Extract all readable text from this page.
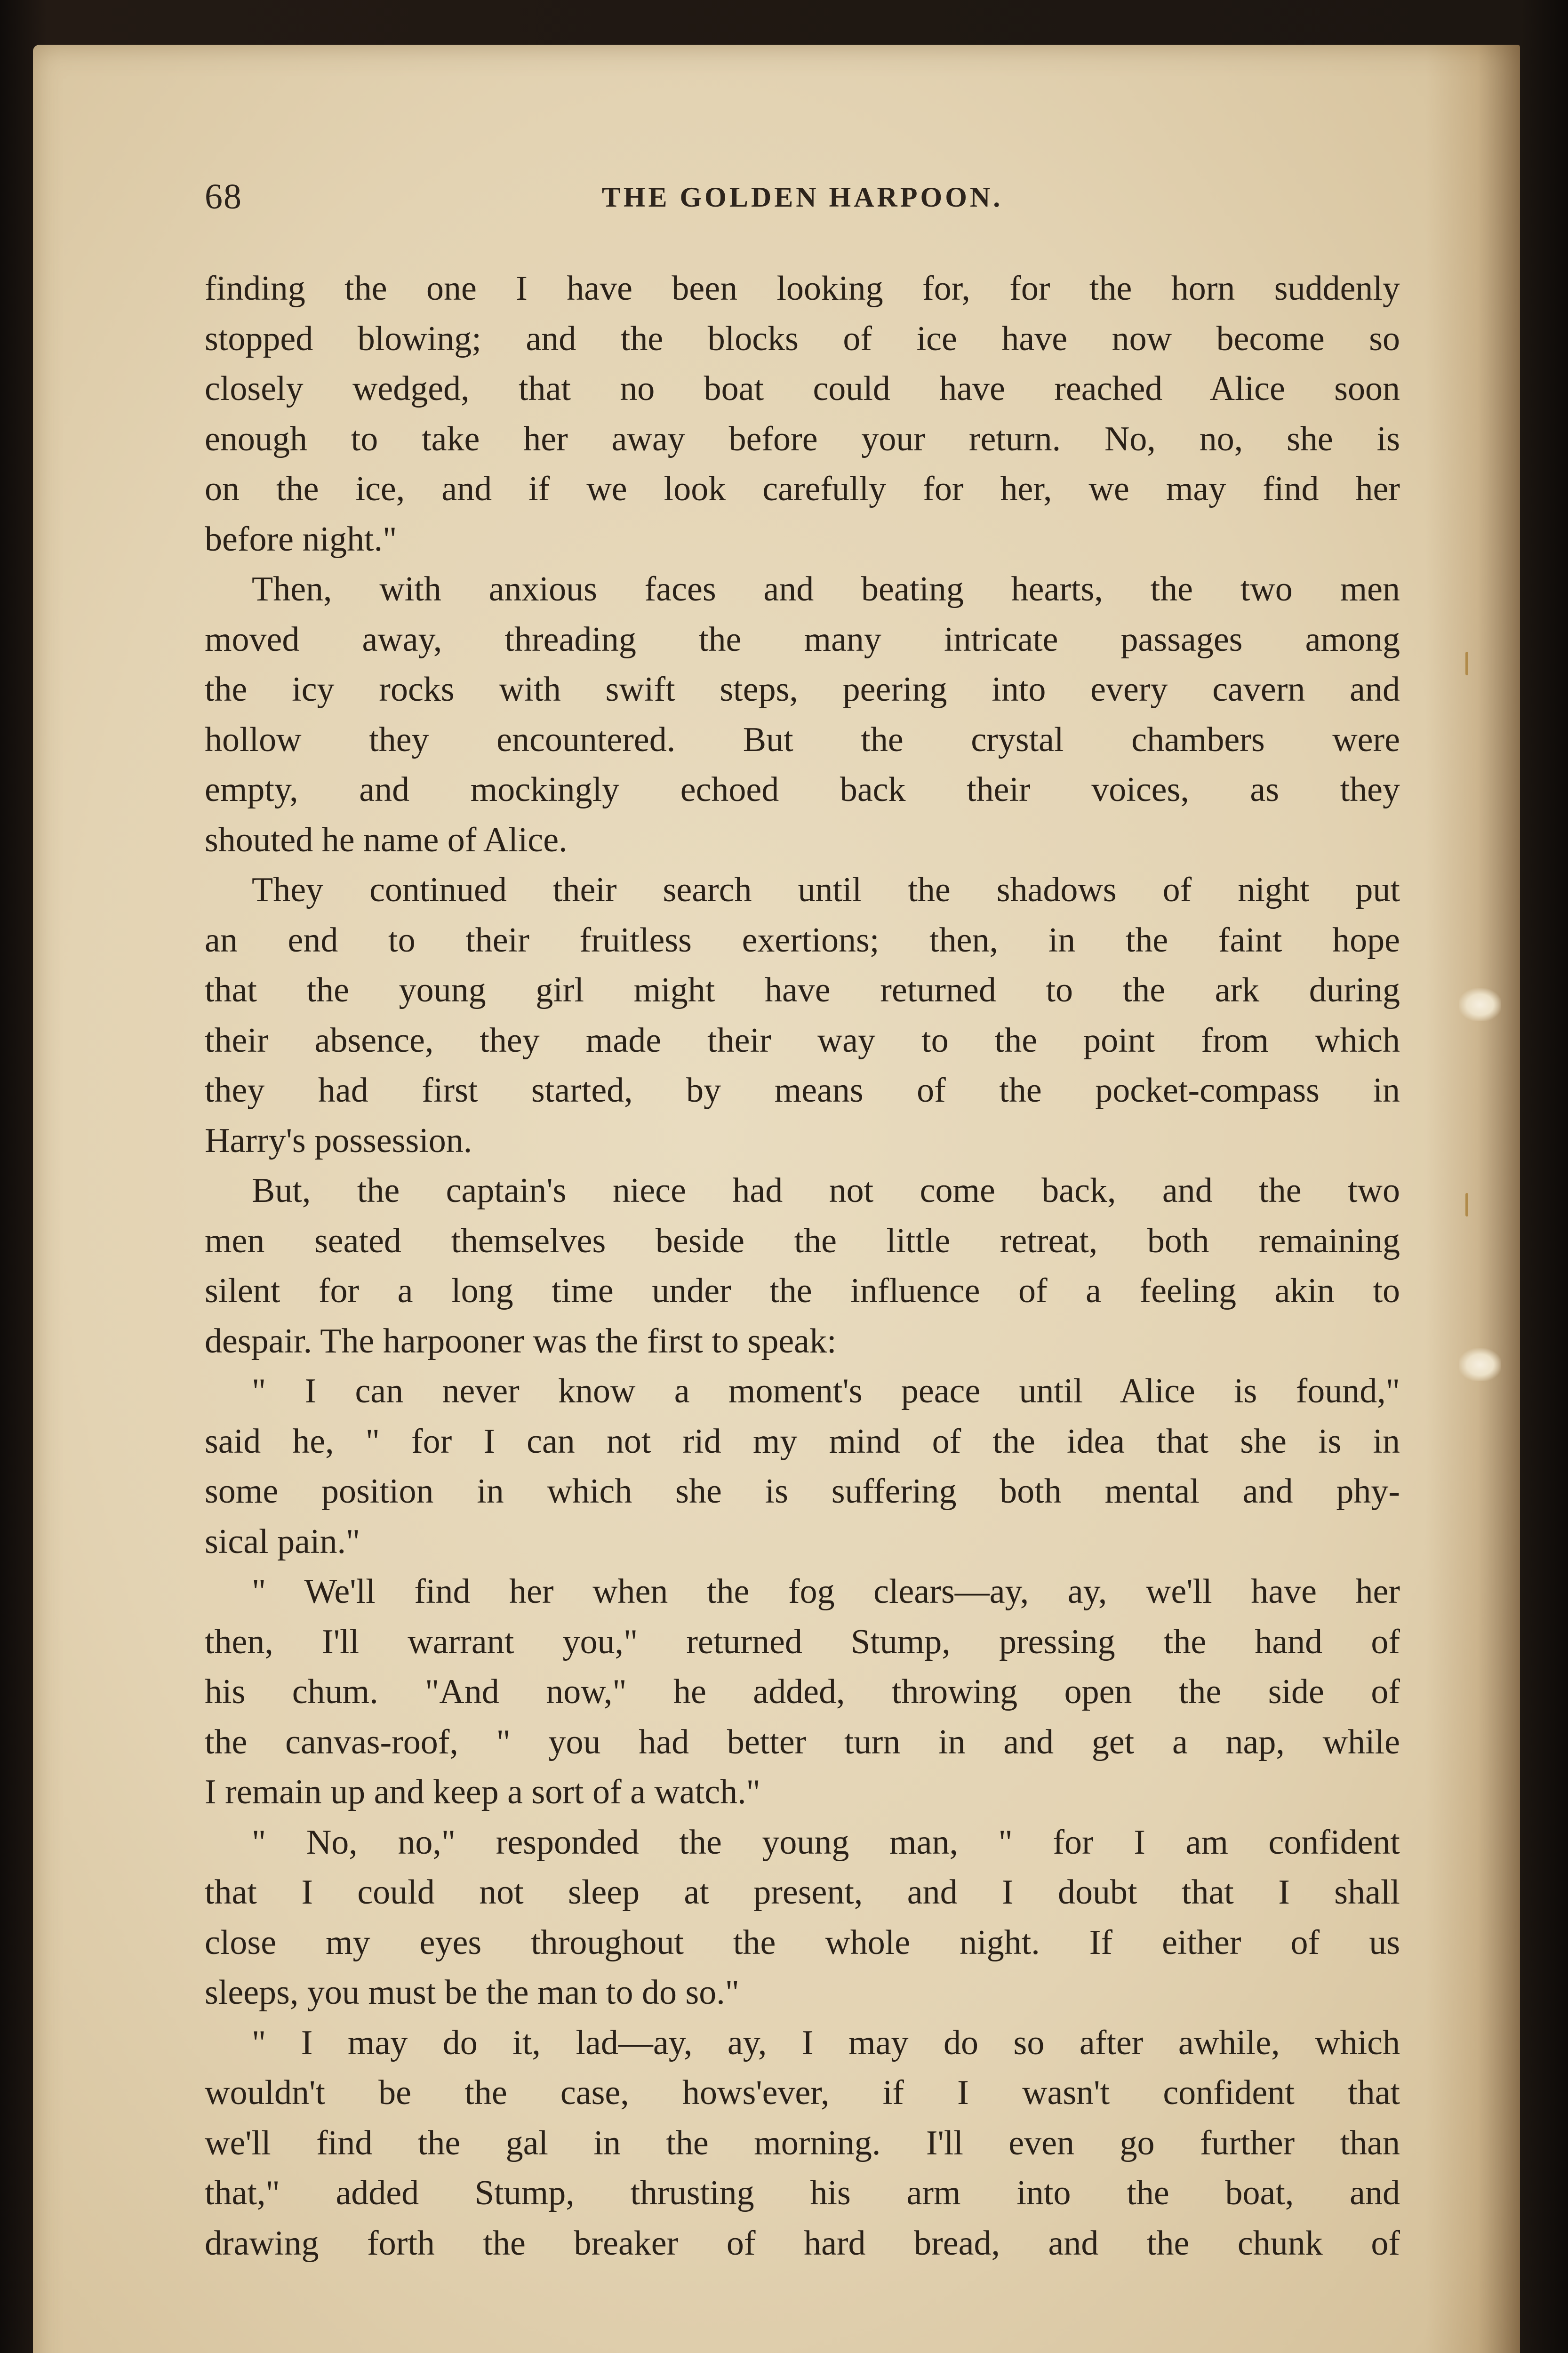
68	THE GOLDEN HARPOON.
finding the one I have been looking for, for the horn suddenly
stopped blowing; and the blocks of ice have now become so
closely wedged, that no boat could have reached Alice soon
enough to take her away before your return. No, no, she is
on the ice, and if we look carefully for her, we may find her
before night."
Then, with anxious faces and beating hearts, the two men
moved away, threading the many intricate passages among
the icy rocks with swift steps, peering into every cavern and
hollow they encountered. But the crystal chambers were
empty, and mockingly echoed back their voices, as they
shouted he name of Alice.
They continued their search until the shadows of night put
an end to their fruitless exertions; then, in the faint hope
that the young girl might have returned to the ark during
their absence, they made their way to the point from which
they had first started, by means of the pocket-compass in
Harry's possession.
But, the captain's niece had not come back, and the two
men seated themselves beside the little retreat, both remaining
silent for a long time under the influence of a feeling akin to
despair. The harpooner was the first to speak:
" I can never know a moment's peace until Alice is found,"
said he, " for I can not rid my mind of the idea that she is in
some position in which she is suffering both mental and phy-
sical pain."
" We'll find her when the fog clears—ay, ay, we'll have her
then, I'll warrant you," returned Stump, pressing the hand of
his chum. "And now," he added, throwing open the side of
the canvas-roof, " you had better turn in and get a nap, while
I remain up and keep a sort of a watch."
" No, no," responded the young man, " for I am confident
that I could not sleep at present, and I doubt that I shall
close my eyes throughout the whole night. If either of us
sleeps, you must be the man to do so."
" I may do it, lad—ay, ay, I may do so after awhile, which
wouldn't be the case, hows'ever, if I wasn't confident that
we'll find the gal in the morning. I'll even go further than
that," added Stump, thrusting his arm into the boat, and
drawing forth the breaker of hard bread, and the chunk of
